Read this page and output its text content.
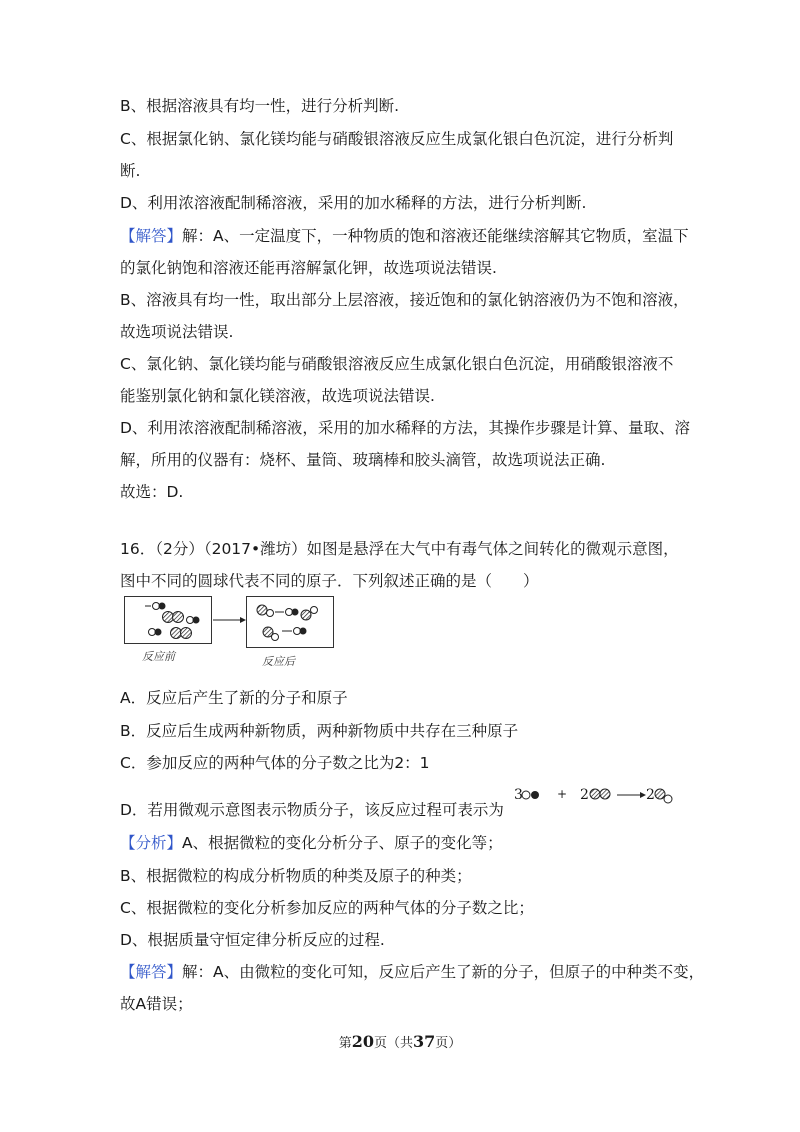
B、根据溶液具有均一性，进行分析判断.
C、根据氯化钠、氯化镁均能与硝酸银溶液反应生成氯化银白色沉淀，进行分析判
断.
D、利用浓溶液配制稀溶液，采用的加水稀释的方法，进行分析判断.
【解答】解：A、一定温度下，一种物质的饱和溶液还能继续溶解其它物质，室温下
的氯化钠饱和溶液还能再溶解氯化钾，故选项说法错误.
B、溶液具有均一性，取出部分上层溶液，接近饱和的氯化钠溶液仍为不饱和溶液，
故选项说法错误.
C、氯化钠、氯化镁均能与硝酸银溶液反应生成氯化银白色沉淀，用硝酸银溶液不
能鉴别氯化钠和氯化镁溶液，故选项说法错误.
D、利用浓溶液配制稀溶液，采用的加水稀释的方法，其操作步骤是计算、量取、溶
解，所用的仪器有：烧杯、量筒、玻璃棒和胶头滴管，故选项说法正确.
故选：D.
16．（2分）（2017•潍坊）如图是悬浮在大气中有毒气体之间转化的微观示意图，
图中不同的圆球代表不同的原子．下列叙述正确的是（　　）
A．反应后产生了新的分子和原子
B．反应后生成两种新物质，两种新物质中共存在三种原子
C．参加反应的两种气体的分子数之比为2：1
D．若用微观示意图表示物质分子，该反应过程可表示为
【分析】A、根据微粒的变化分析分子、原子的变化等；
B、根据微粒的构成分析物质的种类及原子的种类；
C、根据微粒的变化分析参加反应的两种气体的分子数之比；
D、根据质量守恒定律分析反应的过程.
【解答】解：A、由微粒的变化可知，反应后产生了新的分子，但原子的中种类不变，
故A错误；
反应前	反应后
3	+ 2	2
第20页（共37页）
